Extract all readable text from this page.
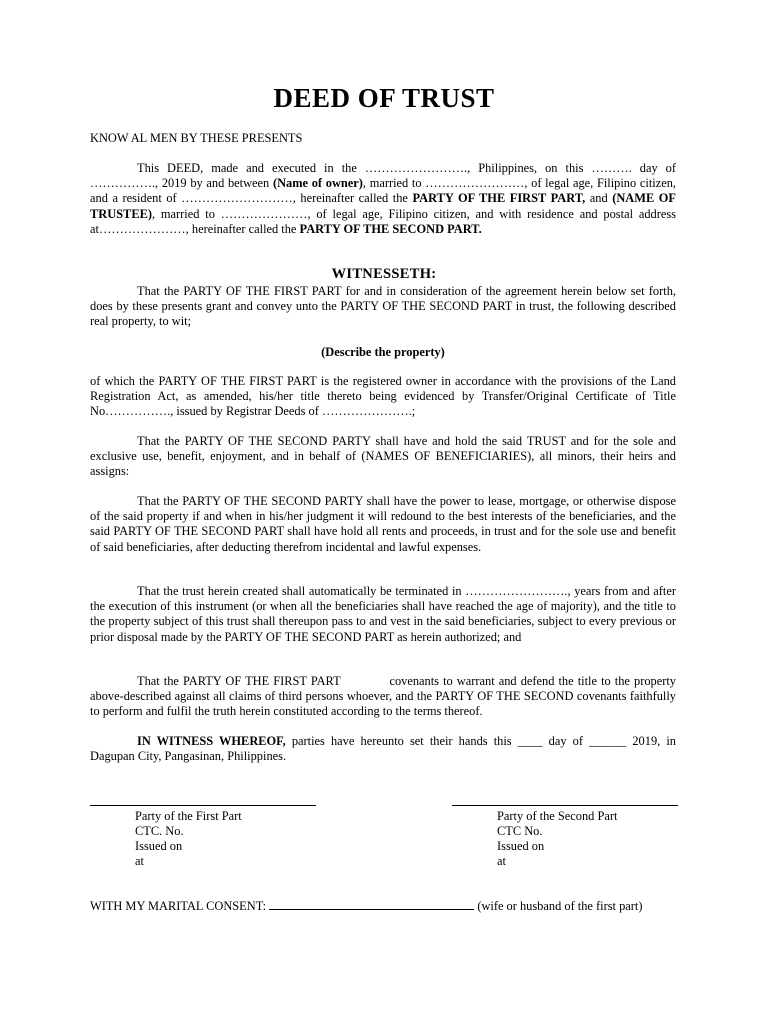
DEED OF TRUST

KNOW AL MEN BY THESE PRESENTS

This DEED, made and executed in the ……………………., Philippines, on this ………. day of ……………., 2019 by and between (Name of owner), married to ……………………, of legal age, Filipino citizen, and a resident of ………………………, hereinafter called the PARTY OF THE FIRST PART, and (NAME OF TRUSTEE), married to …………………, of legal age, Filipino citizen, and with residence and postal address at…………………, hereinafter called the PARTY OF THE SECOND PART.

WITNESSETH:

That the PARTY OF THE FIRST PART for and in consideration of the agreement herein below set forth, does by these presents grant and convey unto the PARTY OF THE SECOND PART in trust, the following described real property, to wit;

(Describe the property)

of which the PARTY OF THE FIRST PART is the registered owner in accordance with the provisions of the Land Registration Act, as amended, his/her title thereto being evidenced by Transfer/Original Certificate of Title No……………., issued by Registrar Deeds of ………………….;

That the PARTY OF THE SECOND PARTY shall have and hold the said TRUST and for the sole and exclusive use, benefit, enjoyment, and in behalf of (NAMES OF BENEFICIARIES), all minors, their heirs and assigns:

That the PARTY OF THE SECOND PARTY shall have the power to lease, mortgage, or otherwise dispose of the said property if and when in his/her judgment it will redound to the best interests of the beneficiaries, and the said PARTY OF THE SECOND PART shall have hold all rents and proceeds, in trust and for the sole use and benefit of said beneficiaries, after deducting therefrom incidental and lawful expenses.

That the trust herein created shall automatically be terminated in ……………………., years from and after the execution of this instrument (or when all the beneficiaries shall have reached the age of majority), and the title to the property subject of this trust shall thereupon pass to and vest in the said beneficiaries, subject to every previous or prior disposal made by the PARTY OF THE SECOND PART as herein authorized; and

That the PARTY OF THE FIRST PART            covenants to warrant and defend the title to the property above-described against all claims of third persons whoever, and the PARTY OF THE SECOND covenants faithfully to perform and fulfil the truth herein constituted according to the terms thereof.

IN WITNESS WHEREOF, parties have hereunto set their hands this ____ day of ______ 2019, in Dagupan City, Pangasinan, Philippines.

Party of the First Part

CTC. No.

Issued on

at

Party of the Second Part

CTC No.

Issued on

at

WITH MY MARITAL CONSENT:	(wife or husband of the first part)
